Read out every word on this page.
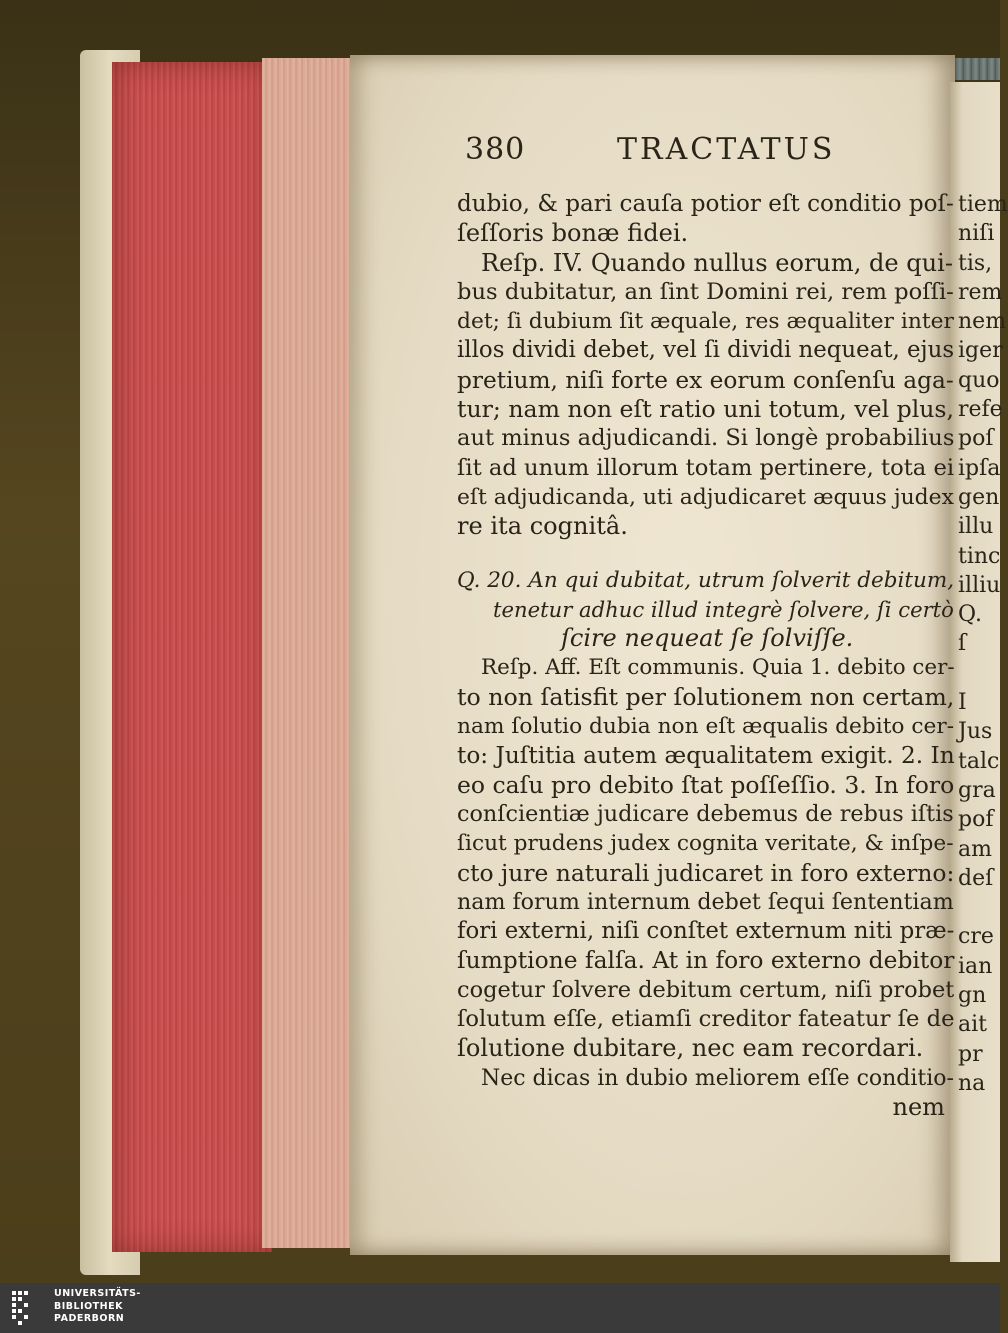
380	TRACTATUS
dubio, & pari cauſa potior eſt conditio poſ-
ſeſſoris bonæ fidei.
Reſp. IV. Quando nullus eorum, de qui-
bus dubitatur, an ſint Domini rei, rem poſſi-
det; ſi dubium ſit æquale, res æqualiter inter
illos dividi debet, vel ſi dividi nequeat, ejus
pretium, niſi forte ex eorum conſenſu aga-
tur; nam non eſt ratio uni totum, vel plus,
aut minus adjudicandi. Si longè probabilius
ſit ad unum illorum totam pertinere, tota ei
eſt adjudicanda, uti adjudicaret æquus judex
re ita cognitâ.
Q. 20. An qui dubitat, utrum ſolverit debitum,
tenetur adhuc illud integrè ſolvere, ſi certò
ſcire nequeat ſe ſolviſſe.
Reſp. Aff. Eſt communis. Quia 1. debito cer-
to non ſatisfit per ſolutionem non certam,
nam ſolutio dubia non eſt æqualis debito cer-
to: Juſtitia autem æqualitatem exigit. 2. In
eo caſu pro debito ſtat poſſeſſio. 3. In foro
conſcientiæ judicare debemus de rebus iſtis
ſicut prudens judex cognita veritate, & inſpe-
cto jure naturali judicaret in foro externo:
nam forum internum debet ſequi ſententiam
fori externi, niſi conſtet externum niti præ-
ſumptione falſa. At in foro externo debitor
cogetur ſolvere debitum certum, niſi probet
ſolutum eſſe, etiamſi creditor fateatur ſe de
ſolutione dubitare, nec eam recordari.
Nec dicas in dubio meliorem eſſe conditio-
nem
tiem
niſi
tis,
rem
nem
iger
quo
refe
poſ
ipſa
gen
illu
tinc
illiu
Q.
ſ
I
Jus
talc
gra
pof
am
deſ
cre
ian
gn
ait
pr
na
UNIVERSITÄTS-
BIBLIOTHEK
PADERBORN
